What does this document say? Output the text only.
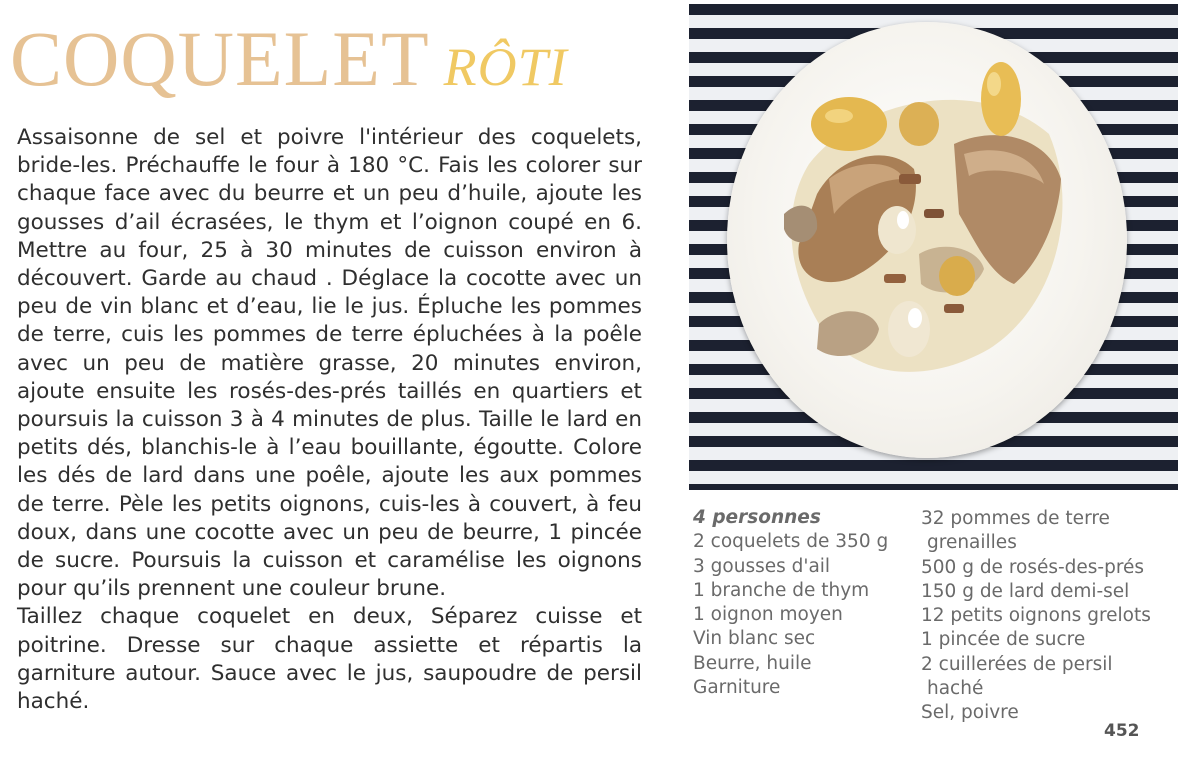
COQUELET RÔTI

Assaisonne de sel et poivre l'intérieur des coquelets, bride-les. Préchauffe le four à 180 °C. Fais les colorer sur chaque face avec du beurre et un peu d’huile, ajoute les gousses d’ail écrasées, le thym et l’oignon coupé en 6. Mettre au four, 25 à 30 minutes de cuisson environ à découvert. Garde au chaud . Déglace la cocotte avec un peu de vin blanc et d’eau, lie le jus. Épluche les pommes de terre, cuis les pommes de terre épluchées à la poêle avec un peu de matière grasse, 20 minutes environ, ajoute ensuite les rosés-des-prés taillés en quartiers et poursuis la cuisson 3 à 4 minutes de plus. Taille le lard en petits dés, blanchis-le à l’eau bouillante, égoutte. Colore les dés de lard dans une poêle, ajoute les aux pommes de terre. Pèle les petits oignons, cuis-les à couvert, à feu doux, dans une cocotte avec un peu de beurre, 1 pincée de sucre. Poursuis la cuisson et caramélise les oignons pour qu’ils prennent une couleur brune.

Taillez chaque coquelet en deux, Séparez cuisse et poitrine. Dresse sur chaque assiette et répartis la garniture autour. Sauce avec le jus, saupoudre de persil haché.

4 personnes
2 coquelets de 350 g
3 gousses d'ail
1 branche de thym
1 oignon moyen
Vin blanc sec
Beurre, huile
Garniture
32 pommes de terre
grenailles
500 g de rosés-des-prés
150 g de lard demi-sel
12 petits oignons grelots
1 pincée de sucre
2 cuillerées de persil
haché
Sel, poivre
452
